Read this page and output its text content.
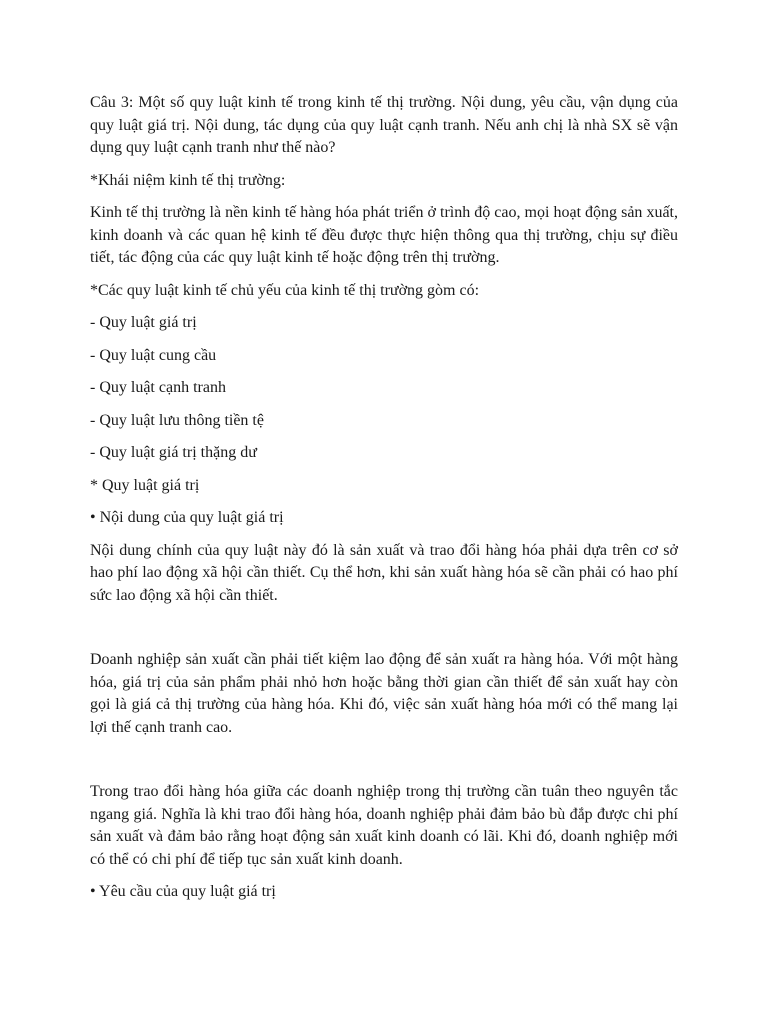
Câu 3: Một số quy luật kinh tế trong kinh tế thị trường. Nội dung, yêu cầu, vận dụng của quy luật giá trị. Nội dung, tác dụng của quy luật cạnh tranh. Nếu anh chị là nhà SX sẽ vận dụng quy luật cạnh tranh như thế nào?

*Khái niệm kinh tế thị trường:

Kinh tế thị trường là nền kinh tế hàng hóa phát triển ở trình độ cao, mọi hoạt động sản xuất, kinh doanh và các quan hệ kinh tế đều được thực hiện thông qua thị trường, chịu sự điều tiết, tác động của các quy luật kinh tế hoặc động trên thị trường.

*Các quy luật kinh tế chủ yếu của kinh tế thị trường gòm có:

- Quy luật giá trị

- Quy luật cung cầu

- Quy luật cạnh tranh

- Quy luật lưu thông tiền tệ

- Quy luật giá trị thặng dư

* Quy luật giá trị

• Nội dung của quy luật giá trị

Nội dung chính của quy luật này đó là sản xuất và trao đổi hàng hóa phải dựa trên cơ sở hao phí lao động xã hội cần thiết. Cụ thể hơn, khi sản xuất hàng hóa sẽ cần phải có hao phí sức lao động xã hội cần thiết.

Doanh nghiệp sản xuất cần phải tiết kiệm lao động để sản xuất ra hàng hóa. Với một hàng hóa, giá trị của sản phẩm phải nhỏ hơn hoặc bằng thời gian cần thiết để sản xuất hay còn gọi là giá cả thị trường của hàng hóa. Khi đó, việc sản xuất hàng hóa mới có thể mang lại lợi thế cạnh tranh cao.

Trong trao đổi hàng hóa giữa các doanh nghiệp trong thị trường cần tuân theo nguyên tắc ngang giá. Nghĩa là khi trao đổi hàng hóa, doanh nghiệp phải đảm bảo bù đắp được chi phí sản xuất và đảm bảo rằng hoạt động sản xuất kinh doanh có lãi. Khi đó, doanh nghiệp mới có thể có chi phí để tiếp tục sản xuất kinh doanh.

• Yêu cầu của quy luật giá trị
